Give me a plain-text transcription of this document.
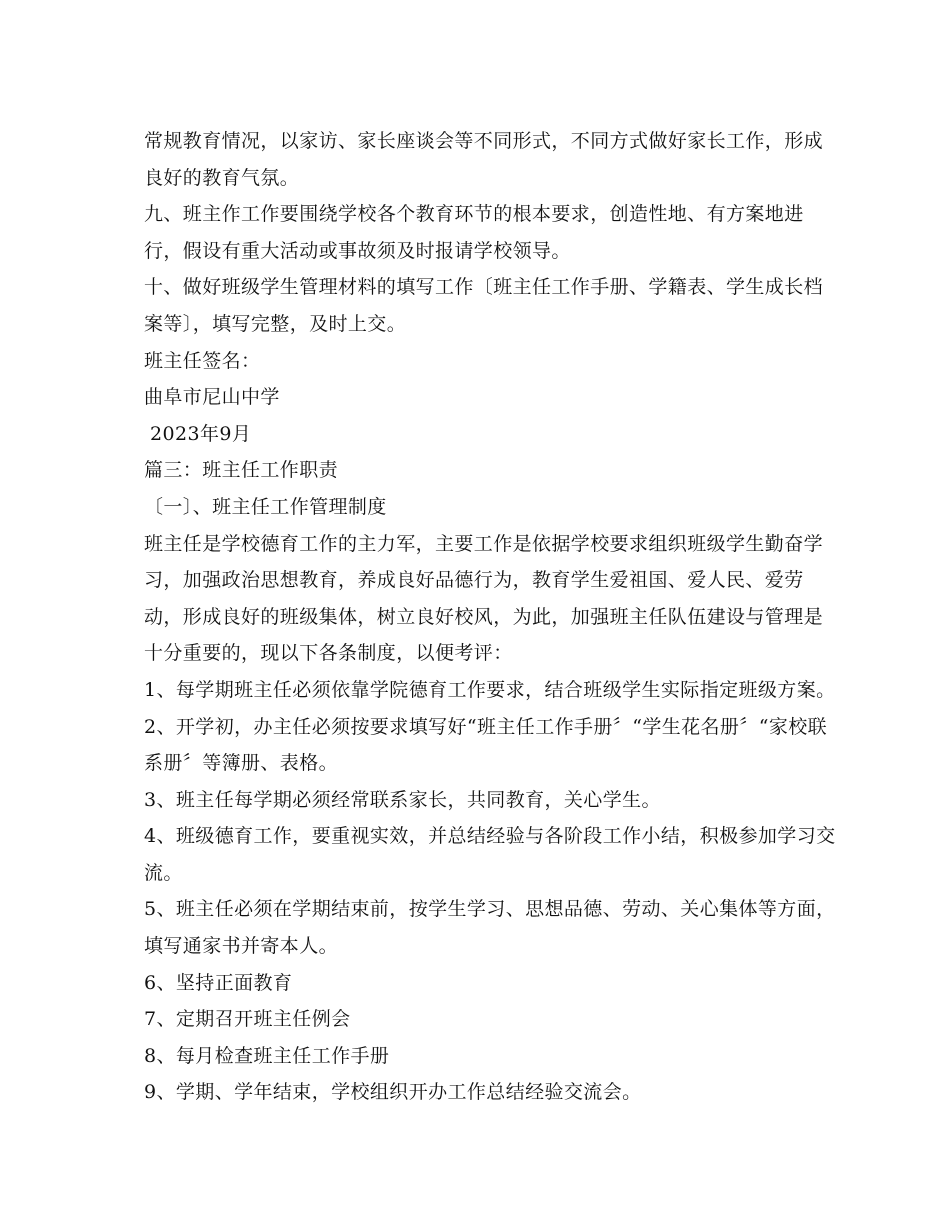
常规教育情况，以家访、家长座谈会等不同形式，不同方式做好家长工作，形成
良好的教育气氛。
九、班主作工作要围绕学校各个教育环节的根本要求，创造性地、有方案地进
行，假设有重大活动或事故须及时报请学校领导。
十、做好班级学生管理材料的填写工作〔班主任工作手册、学籍表、学生成长档
案等〕，填写完整，及时上交。
班主任签名：
曲阜市尼山中学
2023年9月
篇三：班主任工作职责
〔一〕、班主任工作管理制度
班主任是学校德育工作的主力军，主要工作是依据学校要求组织班级学生勤奋学
习，加强政治思想教育，养成良好品德行为，教育学生爱祖国、爱人民、爱劳
动，形成良好的班级集体，树立良好校风，为此，加强班主任队伍建设与管理是
十分重要的，现以下各条制度，以便考评：
1、每学期班主任必须依靠学院德育工作要求，结合班级学生实际指定班级方案。
2、开学初，办主任必须按要求填写好“班主任工作手册〞“学生花名册〞“家校联
系册〞等簿册、表格。
3、班主任每学期必须经常联系家长，共同教育，关心学生。
4、班级德育工作，要重视实效，并总结经验与各阶段工作小结，积极参加学习交
流。
5、班主任必须在学期结束前，按学生学习、思想品德、劳动、关心集体等方面，
填写通家书并寄本人。
6、坚持正面教育
7、定期召开班主任例会
8、每月检查班主任工作手册
9、学期、学年结束，学校组织开办工作总结经验交流会。
